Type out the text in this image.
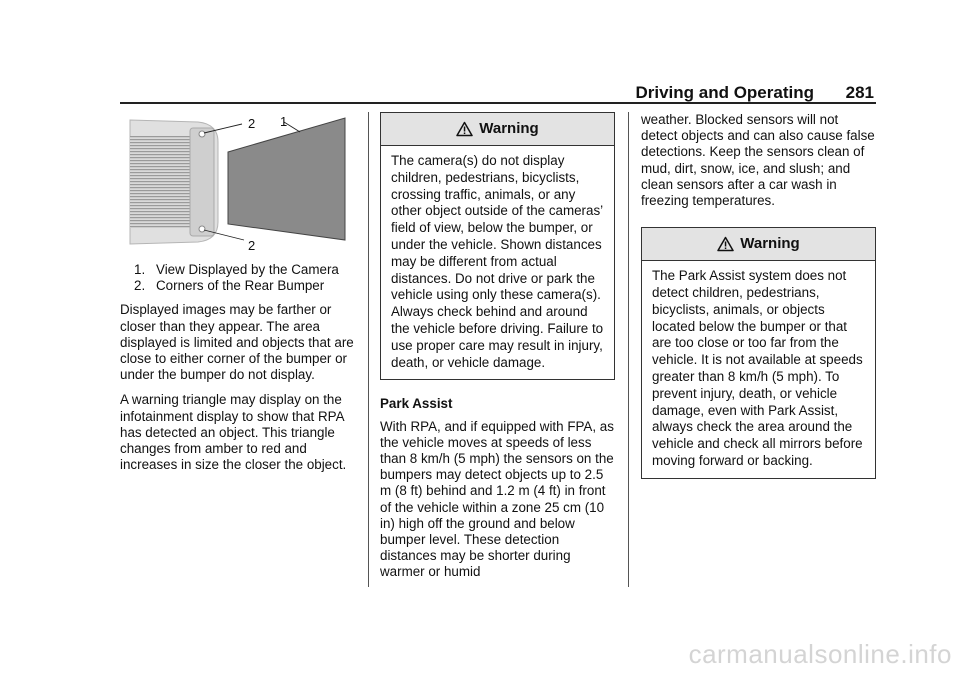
Driving and Operating 281
2 1
2
1. View Displayed by the Camera
2. Corners of the Rear Bumper

Displayed images may be farther or closer than they appear. The area displayed is limited and objects that are close to either corner of the bumper or under the bumper do not display.

A warning triangle may display on the infotainment display to show that RPA has detected an object. This triangle changes from amber to red and increases in size the closer the object.

Warning
The camera(s) do not display children, pedestrians, bicyclists, crossing traffic, animals, or any other object outside of the cameras’ field of view, below the bumper, or under the vehicle. Shown distances may be different from actual distances. Do not drive or park the vehicle using only these camera(s). Always check behind and around the vehicle before driving. Failure to use proper care may result in injury, death, or vehicle damage.
Park Assist

With RPA, and if equipped with FPA, as the vehicle moves at speeds of less than 8 km/h (5 mph) the sensors on the bumpers may detect objects up to 2.5 m (8 ft) behind and 1.2 m (4 ft) in front of the vehicle within a zone 25 cm (10 in) high off the ground and below bumper level. These detection distances may be shorter during warmer or humid

weather. Blocked sensors will not detect objects and can also cause false detections. Keep the sensors clean of mud, dirt, snow, ice, and slush; and clean sensors after a car wash in freezing temperatures.

Warning
The Park Assist system does not detect children, pedestrians, bicyclists, animals, or objects located below the bumper or that are too close or too far from the vehicle. It is not available at speeds greater than 8 km/h (5 mph). To prevent injury, death, or vehicle damage, even with Park Assist, always check the area around the vehicle and check all mirrors before moving forward or backing.
carmanualsonline.info
